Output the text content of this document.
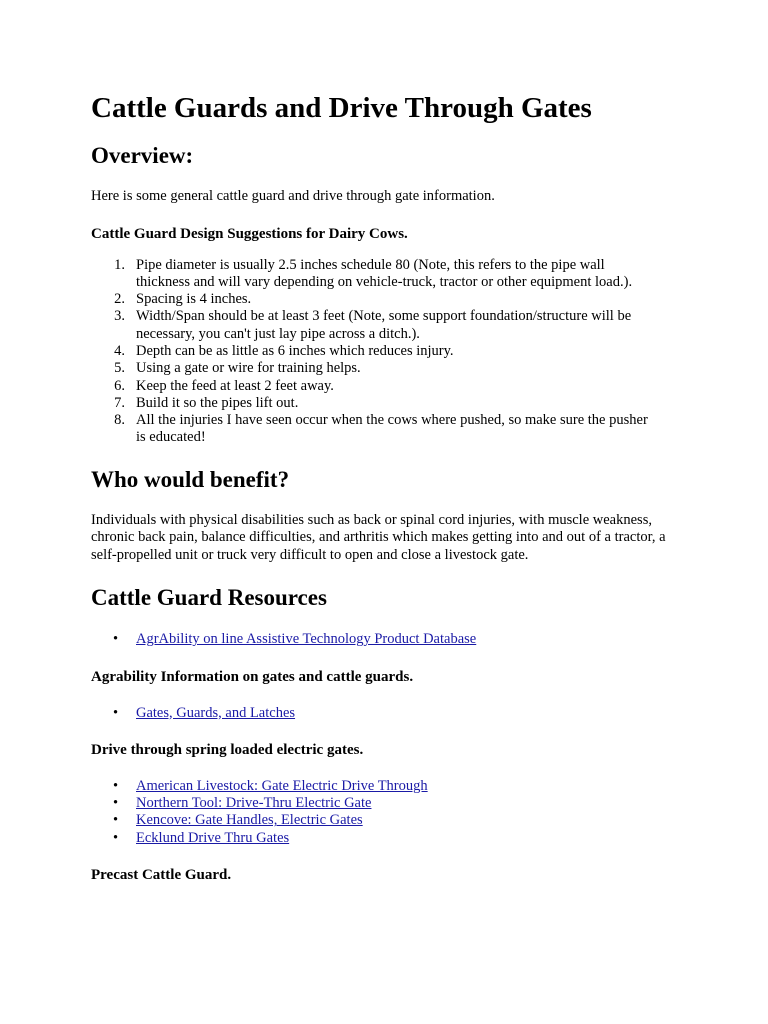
Cattle Guards and Drive Through Gates
Overview:

Here is some general cattle guard and drive through gate information.

Cattle Guard Design Suggestions for Dairy Cows.
1. Pipe diameter is usually 2.5 inches schedule 80 (Note, this refers to the pipe wall thickness and will vary depending on vehicle-truck, tractor or other equipment load.).
2. Spacing is 4 inches.
3. Width/Span should be at least 3 feet (Note, some support foundation/structure will be necessary, you can't just lay pipe across a ditch.).
4. Depth can be as little as 6 inches which reduces injury.
5. Using a gate or wire for training helps.
6. Keep the feed at least 2 feet away.
7. Build it so the pipes lift out.
8. All the injuries I have seen occur when the cows where pushed, so make sure the pusher is educated!
Who would benefit?

Individuals with physical disabilities such as back or spinal cord injuries, with muscle weakness, chronic back pain, balance difficulties, and arthritis which makes getting into and out of a tractor, a self-propelled unit or truck very difficult to open and close a livestock gate.

Cattle Guard Resources
• AgrAbility on line Assistive Technology Product Database
Agrability Information on gates and cattle guards.
• Gates, Guards, and Latches
Drive through spring loaded electric gates.
• American Livestock: Gate Electric Drive Through
• Northern Tool: Drive-Thru Electric Gate
• Kencove: Gate Handles, Electric Gates
• Ecklund Drive Thru Gates
Precast Cattle Guard.
